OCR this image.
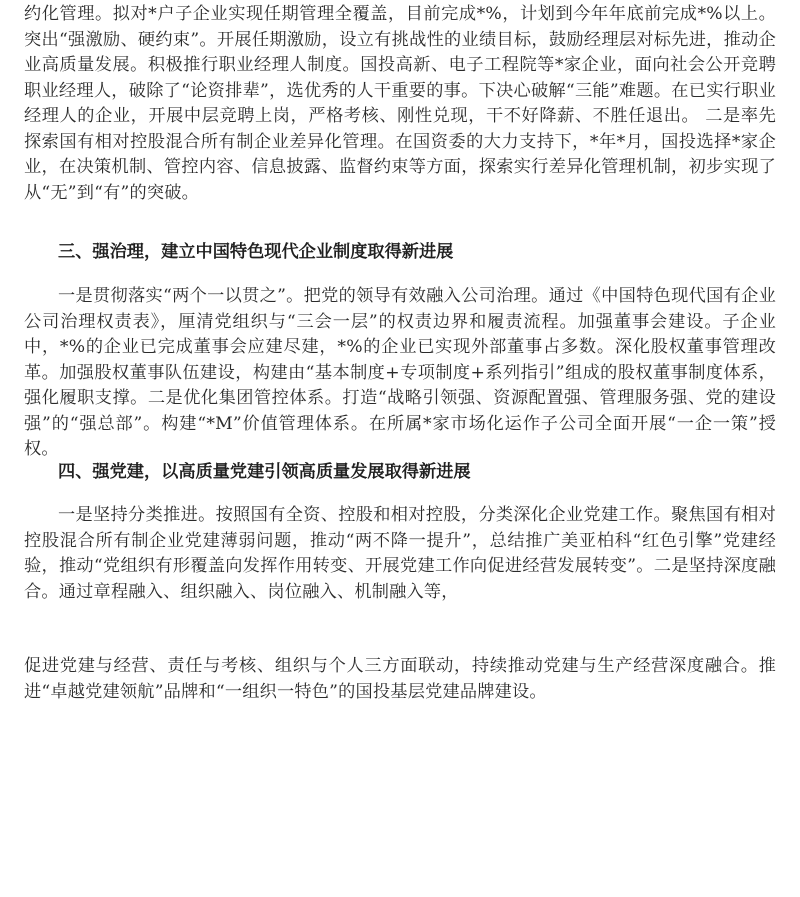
约化管理。拟对*户子企业实现任期管理全覆盖，目前完成*%，计划到今年年底前完成*%以上。突出“强激励、硬约束”。开展任期激励，设立有挑战性的业绩目标，鼓励经理层对标先进，推动企业高质量发展。积极推行职业经理人制度。国投高新、电子工程院等*家企业，面向社会公开竞聘职业经理人，破除了“论资排辈”，选优秀的人干重要的事。下决心破解“三能”难题。在已实行职业经理人的企业，开展中层竞聘上岗，严格考核、刚性兑现，干不好降薪、不胜任退出。 二是率先探索国有相对控股混合所有制企业差异化管理。在国资委的大力支持下，*年*月，国投选择*家企业，在决策机制、管控内容、信息披露、监督约束等方面，探索实行差异化管理机制，初步实现了从“无”到“有”的突破。

三、强治理，建立中国特色现代企业制度取得新进展

一是贯彻落实“两个一以贯之”。把党的领导有效融入公司治理。通过《中国特色现代国有企业公司治理权责表》，厘清党组织与“三会一层”的权责边界和履责流程。加强董事会建设。子企业中，*%的企业已完成董事会应建尽建，*%的企业已实现外部董事占多数。深化股权董事管理改革。加强股权董事队伍建设，构建由“基本制度+专项制度+系列指引”组成的股权董事制度体系，强化履职支撑。二是优化集团管控体系。打造“战略引领强、资源配置强、管理服务强、党的建设强”的“强总部”。构建“*M”价值管理体系。在所属*家市场化运作子公司全面开展“一企一策”授权。

四、强党建，以高质量党建引领高质量发展取得新进展

一是坚持分类推进。按照国有全资、控股和相对控股，分类深化企业党建工作。聚焦国有相对控股混合所有制企业党建薄弱问题，推动“两不降一提升”，总结推广美亚柏科“红色引擎”党建经验，推动“党组织有形覆盖向发挥作用转变、开展党建工作向促进经营发展转变”。二是坚持深度融合。通过章程融入、组织融入、岗位融入、机制融入等，

促进党建与经营、责任与考核、组织与个人三方面联动，持续推动党建与生产经营深度融合。推进“卓越党建领航”品牌和“一组织一特色”的国投基层党建品牌建设。
